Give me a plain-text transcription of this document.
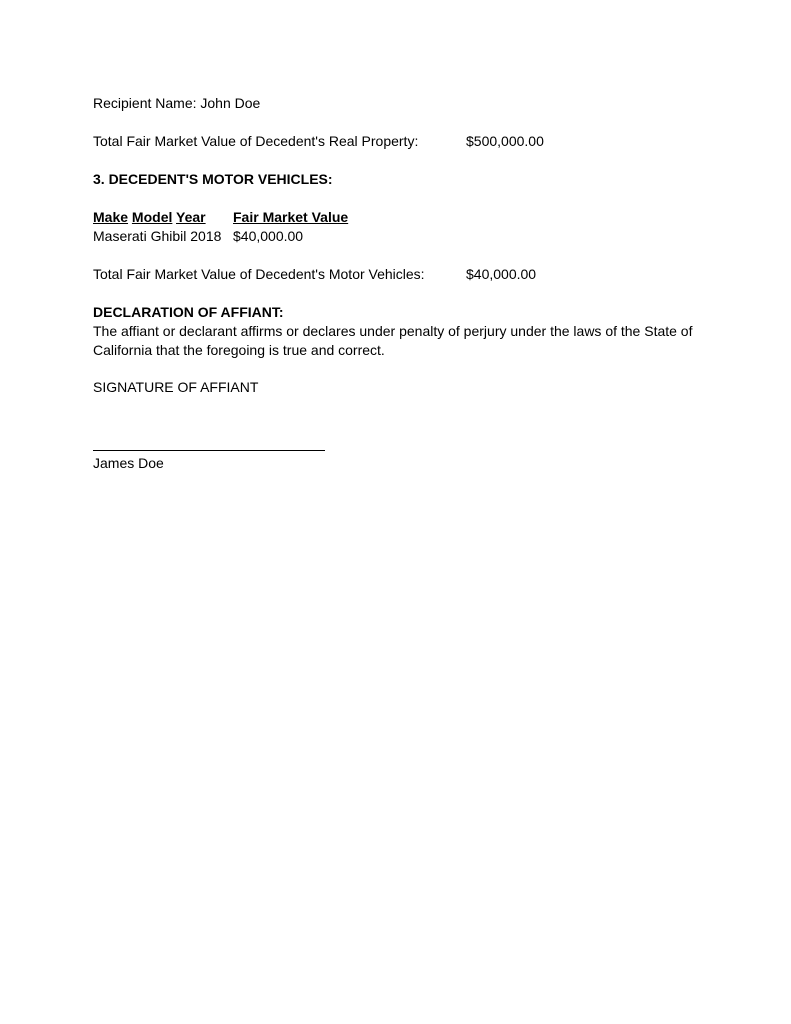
Recipient Name: John Doe
Total Fair Market Value of Decedent's Real Property:	$500,000.00
3. DECEDENT'S MOTOR VEHICLES:
Make Model Year Fair Market Value
Maserati Ghibil 2018 $40,000.00
Total Fair Market Value of Decedent's Motor Vehicles:	$40,000.00
DECLARATION OF AFFIANT:
The affiant or declarant affirms or declares under penalty of perjury under the laws of the State of California that the foregoing is true and correct.
SIGNATURE OF AFFIANT
James Doe
